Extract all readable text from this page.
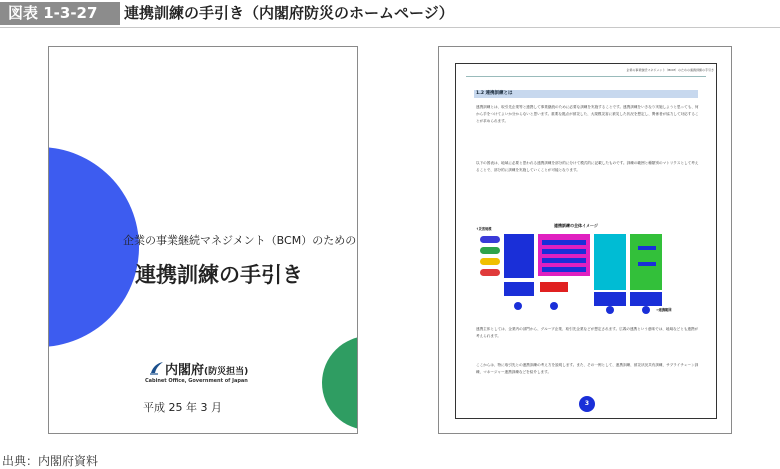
図表 1-3-27	連携訓練の手引き（内閣府防災のホームページ）
企業の事業継続マネジメント（BCM）のための
連携訓練の手引き
内閣府(防災担当)
Cabinet Office, Government of Japan
平成 25 年 3 月
企業の事業継続マネジメント（BCM）のための連携訓練の手引き
1.2 連携訓練とは
連携訓練とは、取引先企業等と連携して事業継続のために必要な訓練を実施することです。連携訓練をいきなり実施しようと思っても、何から手をつけてよいか分からないと思います。重要な拠点が被災した、大規模災害に被災した状況を想定し、関係者が協力して対応することが求められます。
以下の図表は、地域に必要と思われる連携訓練を部分的に分けて模式的に記載したものです。訓練の範囲と種類別のマトリクスとして考えることで、部分的に訓練を実施していくことが可能となります。
連携訓練の全体イメージ
↑災害規模
→連携範囲
連携主体としては、企業内の部門から、グループ企業、取引先企業などが想定されます。広義の連携という意味では、地域などとも連携が考えられます。
ここからは、特に取引先との連携訓練の考え方を説明します。また、その一例として、連携訓練、被災状況共有訓練、サプライチェーン訓練、マネージャー連携訓練などを紹介します。
3
出典：内閣府資料
